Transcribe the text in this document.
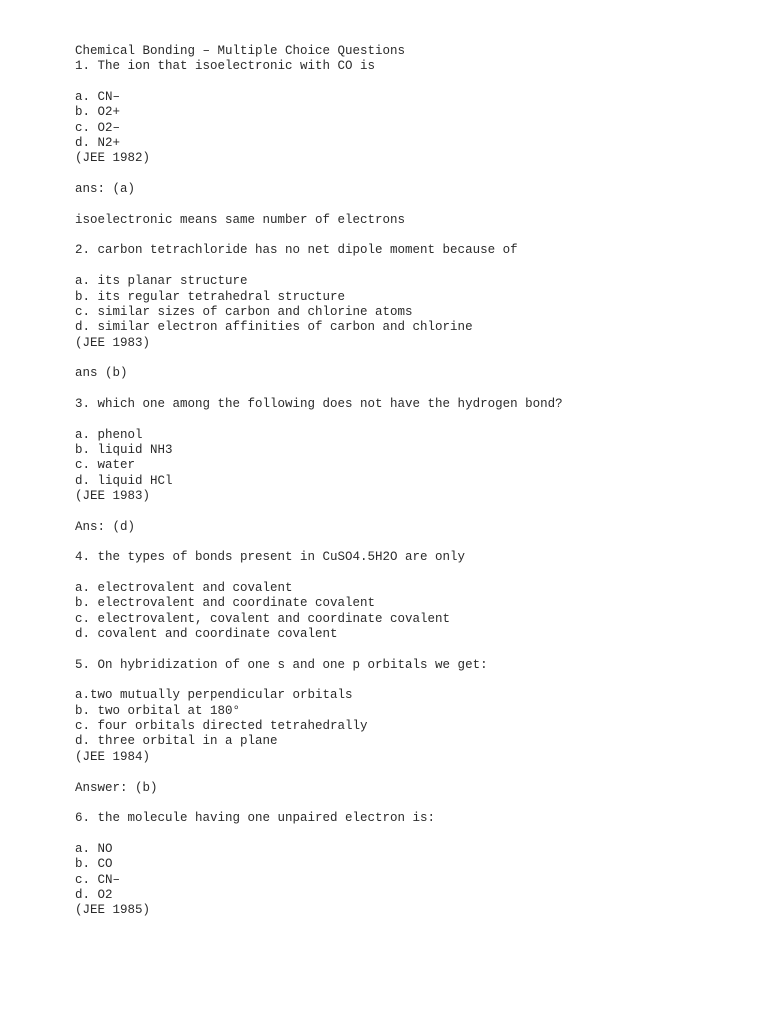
Chemical Bonding – Multiple Choice Questions
1. The ion that isoelectronic with CO is
a. CN–
b. O2+
c. O2–
d. N2+
(JEE 1982)
ans: (a)
isoelectronic means same number of electrons
2. carbon tetrachloride has no net dipole moment because of
a. its planar structure
b. its regular tetrahedral structure
c. similar sizes of carbon and chlorine atoms
d. similar electron affinities of carbon and chlorine
(JEE 1983)
ans (b)
3. which one among the following does not have the hydrogen bond?
a. phenol
b. liquid NH3
c. water
d. liquid HCl
(JEE 1983)
Ans: (d)
4. the types of bonds present in CuSO4.5H2O are only
a. electrovalent and covalent
b. electrovalent and coordinate covalent
c. electrovalent, covalent and coordinate covalent
d. covalent and coordinate covalent
5. On hybridization of one s and one p orbitals we get:
a.two mutually perpendicular orbitals
b. two orbital at 180°
c. four orbitals directed tetrahedrally
d. three orbital in a plane
(JEE 1984)
Answer: (b)
6. the molecule having one unpaired electron is:
a. NO
b. CO
c. CN–
d. O2
(JEE 1985)
